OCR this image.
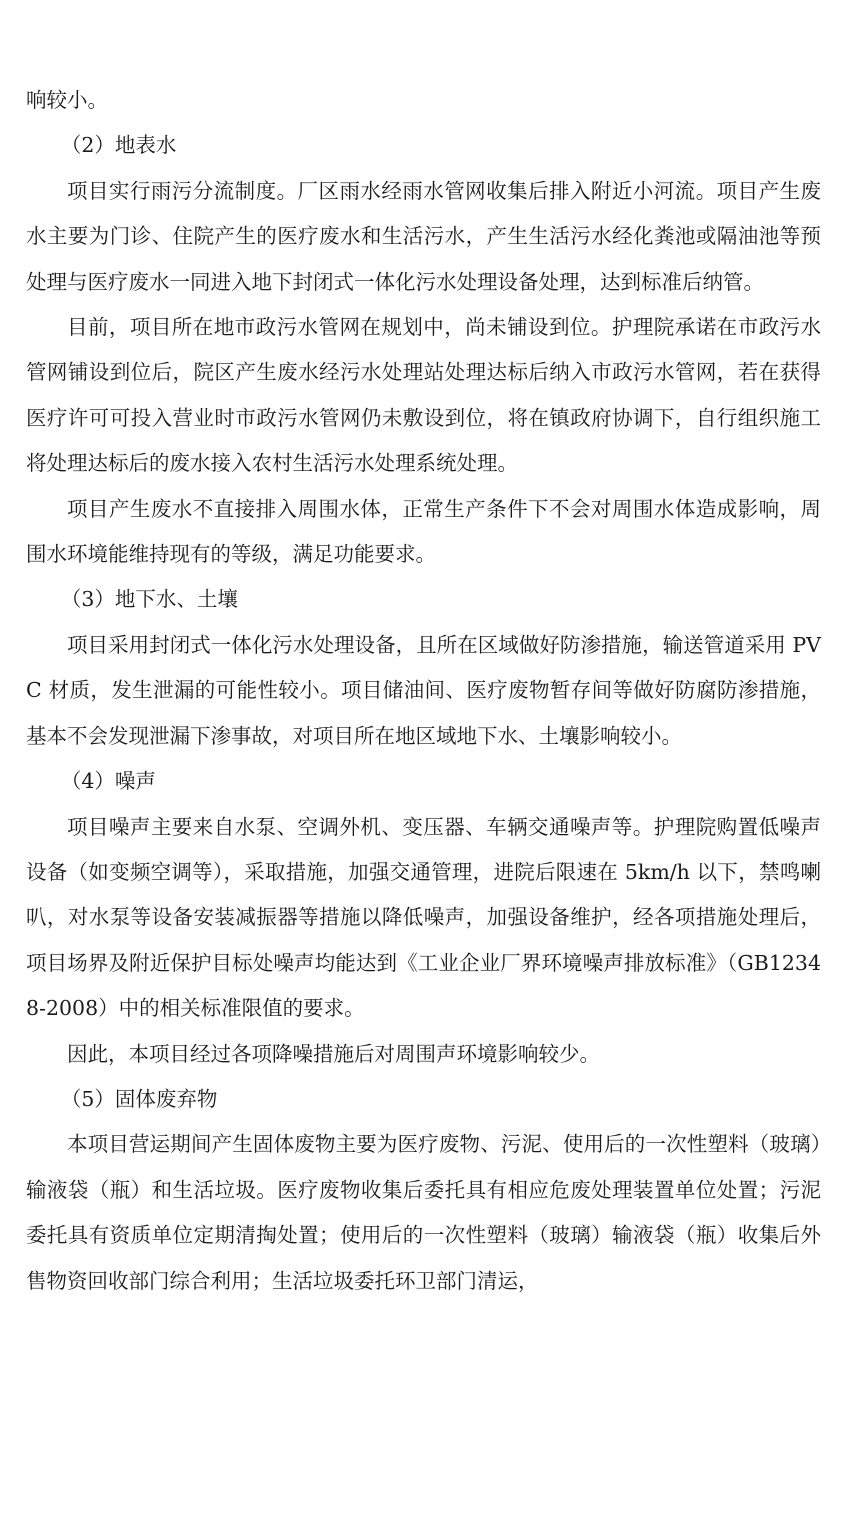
响较小。

（2）地表水

项目实行雨污分流制度。厂区雨水经雨水管网收集后排入附近小河流。项目产生废水主要为门诊、住院产生的医疗废水和生活污水，产生生活污水经化粪池或隔油池等预处理与医疗废水一同进入地下封闭式一体化污水处理设备处理，达到标准后纳管。

目前，项目所在地市政污水管网在规划中，尚未铺设到位。护理院承诺在市政污水管网铺设到位后，院区产生废水经污水处理站处理达标后纳入市政污水管网，若在获得医疗许可可投入营业时市政污水管网仍未敷设到位，将在镇政府协调下，自行组织施工将处理达标后的废水接入农村生活污水处理系统处理。

项目产生废水不直接排入周围水体，正常生产条件下不会对周围水体造成影响，周围水环境能维持现有的等级，满足功能要求。

（3）地下水、土壤

项目采用封闭式一体化污水处理设备，且所在区域做好防渗措施，输送管道采用 PVC 材质，发生泄漏的可能性较小。项目储油间、医疗废物暂存间等做好防腐防渗措施，基本不会发现泄漏下渗事故，对项目所在地区域地下水、土壤影响较小。

（4）噪声

项目噪声主要来自水泵、空调外机、变压器、车辆交通噪声等。护理院购置低噪声设备（如变频空调等），采取措施，加强交通管理，进院后限速在 5km/h 以下，禁鸣喇叭，对水泵等设备安装减振器等措施以降低噪声，加强设备维护，经各项措施处理后，项目场界及附近保护目标处噪声均能达到《工业企业厂界环境噪声排放标准》（GB12348-2008）中的相关标准限值的要求。

因此，本项目经过各项降噪措施后对周围声环境影响较少。

（5）固体废弃物

本项目营运期间产生固体废物主要为医疗废物、污泥、使用后的一次性塑料（玻璃）输液袋（瓶）和生活垃圾。医疗废物收集后委托具有相应危废处理装置单位处置；污泥委托具有资质单位定期清掏处置；使用后的一次性塑料（玻璃）输液袋（瓶）收集后外售物资回收部门综合利用；生活垃圾委托环卫部门清运，
